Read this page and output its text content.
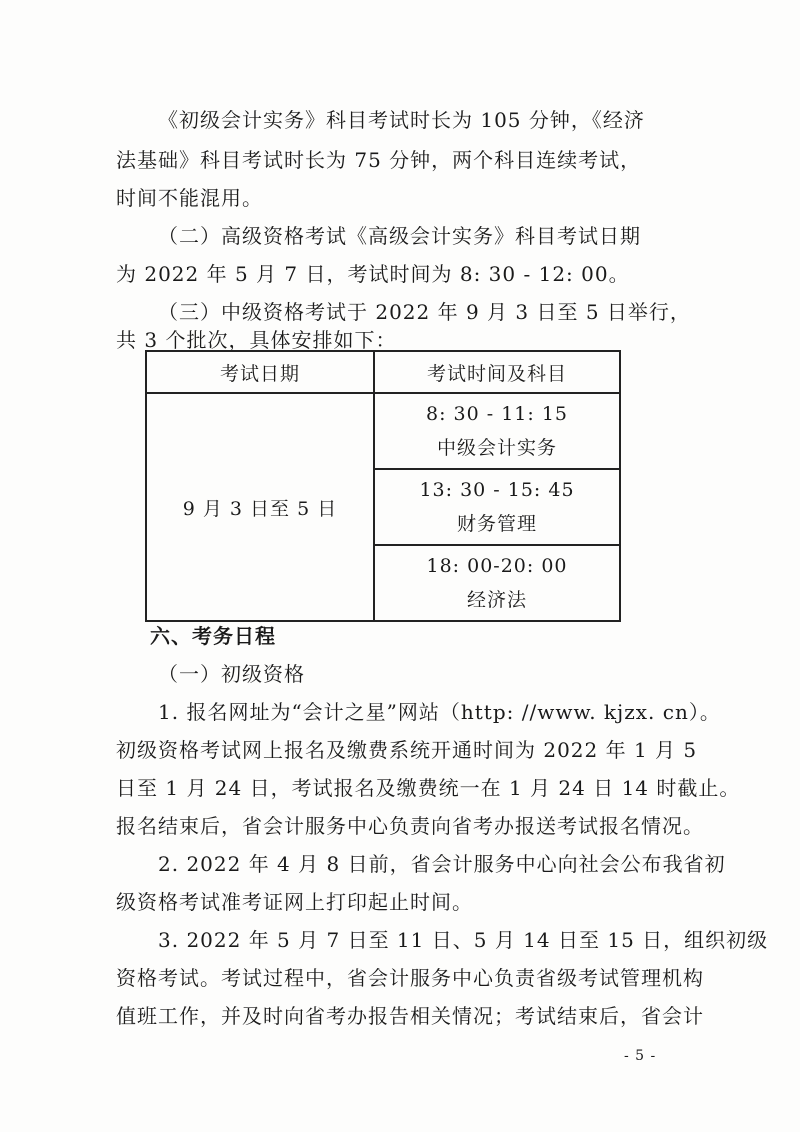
《初级会计实务》科目考试时长为 105 分钟，《经济
法基础》科目考试时长为 75 分钟，两个科目连续考试，
时间不能混用。
（二）高级资格考试《高级会计实务》科目考试日期
为 2022 年 5 月 7 日，考试时间为 8: 30 - 12: 00。
（三）中级资格考试于 2022 年 9 月 3 日至 5 日举行，
共 3 个批次，具体安排如下：
考试日期	考试时间及科目
9 月 3 日至 5 日	8: 30 - 11: 15
中级会计实务

	13: 30 - 15: 45
财务管理

	18: 00-20: 00
经济法
六、考务日程
（一）初级资格
1. 报名网址为“会计之星”网站（http: //www. kjzx. cn）。
初级资格考试网上报名及缴费系统开通时间为 2022 年 1 月 5
日至 1 月 24 日，考试报名及缴费统一在 1 月 24 日 14 时截止。
报名结束后，省会计服务中心负责向省考办报送考试报名情况。
2. 2022 年 4 月 8 日前，省会计服务中心向社会公布我省初
级资格考试准考证网上打印起止时间。
3. 2022 年 5 月 7 日至 11 日、5 月 14 日至 15 日，组织初级
资格考试。考试过程中，省会计服务中心负责省级考试管理机构
值班工作，并及时向省考办报告相关情况；考试结束后，省会计
- 5 -
